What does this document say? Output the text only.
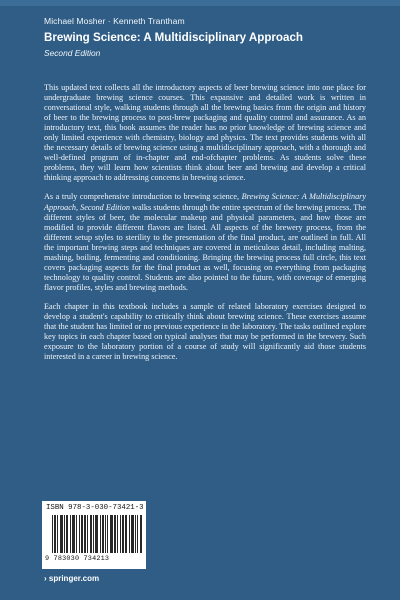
Michael Mosher · Kenneth Trantham
Brewing Science: A Multidisciplinary Approach
Second Edition

This updated text collects all the introductory aspects of beer brewing science into one place for undergraduate brewing science courses. This expansive and detailed work is written in conversational style, walking students through all the brewing basics from the origin and history of beer to the brewing process to post-brew packaging and quality control and assurance. As an introductory text, this book assumes the reader has no prior knowledge of brewing science and only limited experience with chemistry, biology and physics. The text provides students with all the necessary details of brewing science using a multidisciplinary approach, with a thorough and well-defined program of in-chapter and end-ofchapter problems. As students solve these problems, they will learn how scientists think about beer and brewing and develop a critical thinking approach to addressing concerns in brewing science.

As a truly comprehensive introduction to brewing science, Brewing Science: A Multidisciplinary Approach, Second Edition walks students through the entire spectrum of the brewing process. The different styles of beer, the molecular makeup and physical parameters, and how those are modified to provide different flavors are listed. All aspects of the brewery process, from the different setup styles to sterility to the presentation of the final product, are outlined in full. All the important brewing steps and techniques are covered in meticulous detail, including malting, mashing, boiling, fermenting and conditioning. Bringing the brewing process full circle, this text covers packaging aspects for the final product as well, focusing on everything from packaging technology to quality control. Students are also pointed to the future, with coverage of emerging flavor profiles, styles and brewing methods.

Each chapter in this textbook includes a sample of related laboratory exercises designed to develop a student's capability to critically think about brewing science. These exercises assume that the student has limited or no previous experience in the laboratory. The tasks outlined explore key topics in each chapter based on typical analyses that may be performed in the brewery. Such exposure to the laboratory portion of a course of study will significantly aid those students interested in a career in brewing science.

ISBN 978-3-030-73421-3
9 783030 734213
› springer.com
